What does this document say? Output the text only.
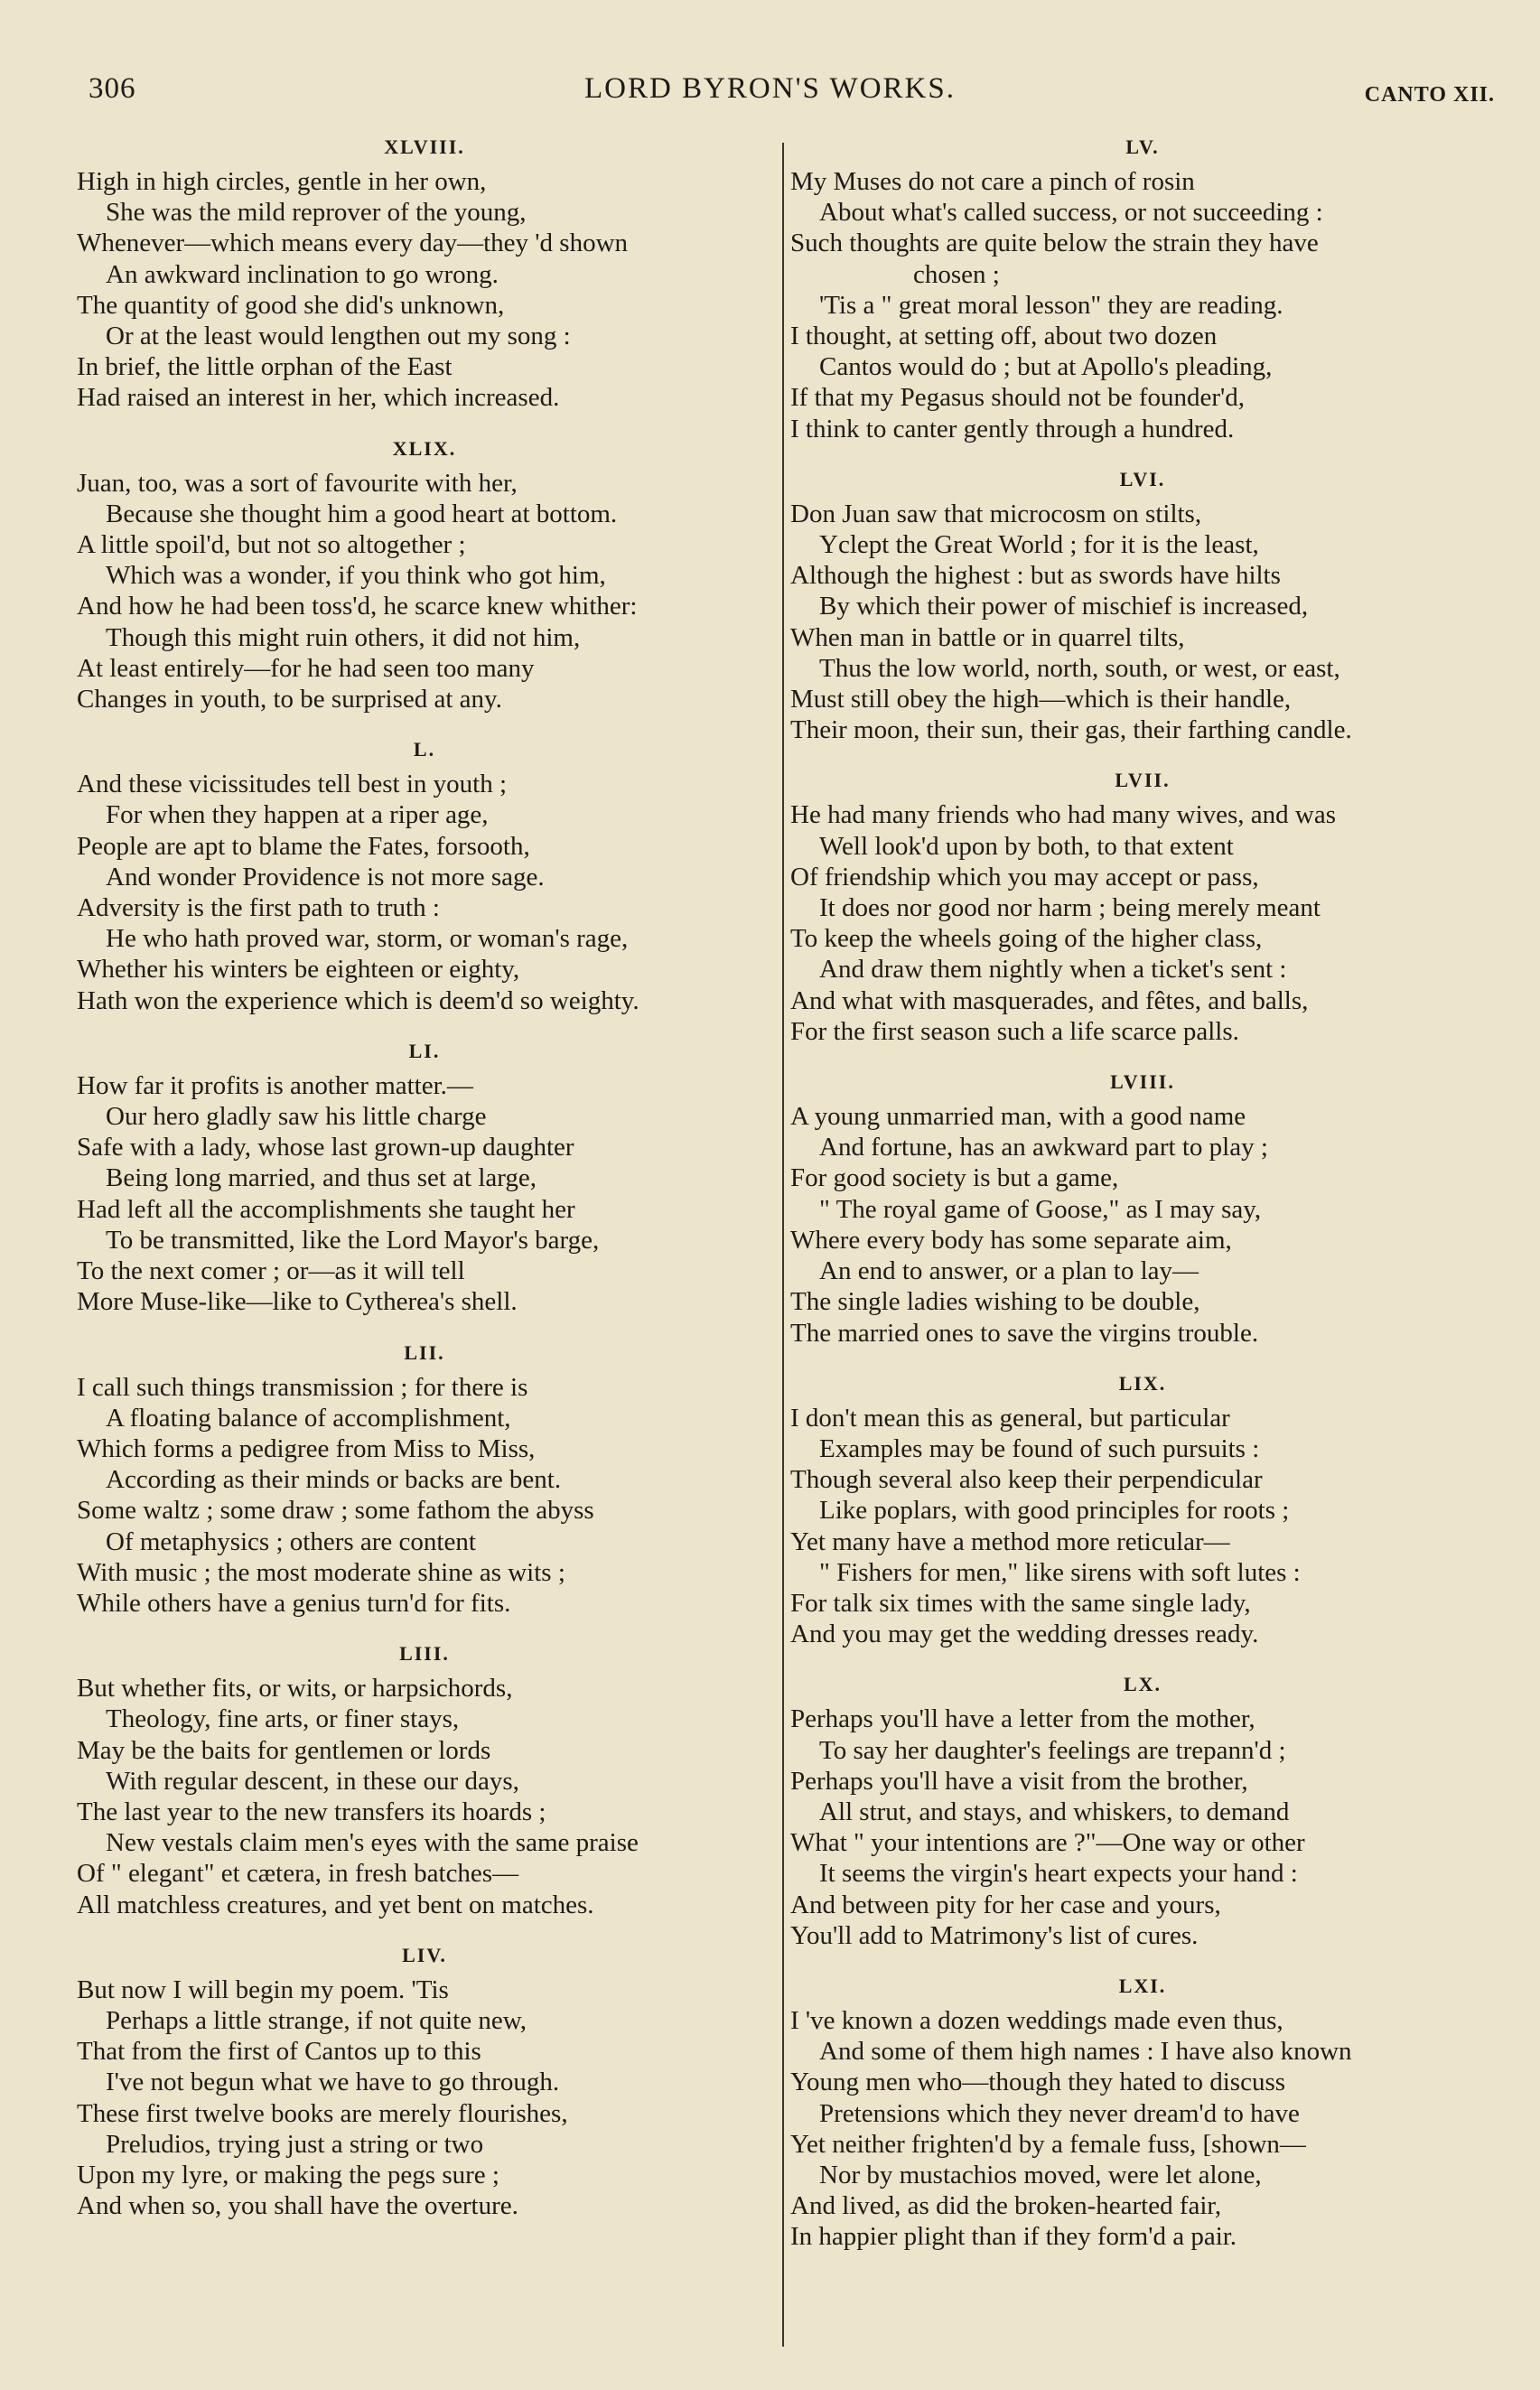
306	LORD BYRON'S WORKS.	CANTO XII.
XLVIII.
High in high circles, gentle in her own,
She was the mild reprover of the young,
Whenever—which means every day—they 'd shown
An awkward inclination to go wrong.
The quantity of good she did's unknown,
Or at the least would lengthen out my song :
In brief, the little orphan of the East
Had raised an interest in her, which increased.
XLIX.
Juan, too, was a sort of favourite with her,
Because she thought him a good heart at bottom.
A little spoil'd, but not so altogether ;
Which was a wonder, if you think who got him,
And how he had been toss'd, he scarce knew whither:
Though this might ruin others, it did not him,
At least entirely—for he had seen too many
Changes in youth, to be surprised at any.
L.
And these vicissitudes tell best in youth ;
For when they happen at a riper age,
People are apt to blame the Fates, forsooth,
And wonder Providence is not more sage.
Adversity is the first path to truth :
He who hath proved war, storm, or woman's rage,
Whether his winters be eighteen or eighty,
Hath won the experience which is deem'd so weighty.
LI.
How far it profits is another matter.—
Our hero gladly saw his little charge
Safe with a lady, whose last grown-up daughter
Being long married, and thus set at large,
Had left all the accomplishments she taught her
To be transmitted, like the Lord Mayor's barge,
To the next comer ; or—as it will tell
More Muse-like—like to Cytherea's shell.
LII.
I call such things transmission ; for there is
A floating balance of accomplishment,
Which forms a pedigree from Miss to Miss,
According as their minds or backs are bent.
Some waltz ; some draw ; some fathom the abyss
Of metaphysics ; others are content
With music ; the most moderate shine as wits ;
While others have a genius turn'd for fits.
LIII.
But whether fits, or wits, or harpsichords,
Theology, fine arts, or finer stays,
May be the baits for gentlemen or lords
With regular descent, in these our days,
The last year to the new transfers its hoards ;
New vestals claim men's eyes with the same praise
Of " elegant" et cætera, in fresh batches—
All matchless creatures, and yet bent on matches.
LIV.
But now I will begin my poem. 'Tis
Perhaps a little strange, if not quite new,
That from the first of Cantos up to this
I've not begun what we have to go through.
These first twelve books are merely flourishes,
Preludios, trying just a string or two
Upon my lyre, or making the pegs sure ;
And when so, you shall have the overture.
LV.
My Muses do not care a pinch of rosin
About what's called success, or not succeeding :
Such thoughts are quite below the strain they have
chosen ;
'Tis a " great moral lesson" they are reading.
I thought, at setting off, about two dozen
Cantos would do ; but at Apollo's pleading,
If that my Pegasus should not be founder'd,
I think to canter gently through a hundred.
LVI.
Don Juan saw that microcosm on stilts,
Yclept the Great World ; for it is the least,
Although the highest : but as swords have hilts
By which their power of mischief is increased,
When man in battle or in quarrel tilts,
Thus the low world, north, south, or west, or east,
Must still obey the high—which is their handle,
Their moon, their sun, their gas, their farthing candle.
LVII.
He had many friends who had many wives, and was
Well look'd upon by both, to that extent
Of friendship which you may accept or pass,
It does nor good nor harm ; being merely meant
To keep the wheels going of the higher class,
And draw them nightly when a ticket's sent :
And what with masquerades, and fêtes, and balls,
For the first season such a life scarce palls.
LVIII.
A young unmarried man, with a good name
And fortune, has an awkward part to play ;
For good society is but a game,
" The royal game of Goose," as I may say,
Where every body has some separate aim,
An end to answer, or a plan to lay—
The single ladies wishing to be double,
The married ones to save the virgins trouble.
LIX.
I don't mean this as general, but particular
Examples may be found of such pursuits :
Though several also keep their perpendicular
Like poplars, with good principles for roots ;
Yet many have a method more reticular—
" Fishers for men," like sirens with soft lutes :
For talk six times with the same single lady,
And you may get the wedding dresses ready.
LX.
Perhaps you'll have a letter from the mother,
To say her daughter's feelings are trepann'd ;
Perhaps you'll have a visit from the brother,
All strut, and stays, and whiskers, to demand
What " your intentions are ?"—One way or other
It seems the virgin's heart expects your hand :
And between pity for her case and yours,
You'll add to Matrimony's list of cures.
LXI.
I 've known a dozen weddings made even thus,
And some of them high names : I have also known
Young men who—though they hated to discuss
Pretensions which they never dream'd to have
Yet neither frighten'd by a female fuss, [shown—
Nor by mustachios moved, were let alone,
And lived, as did the broken-hearted fair,
In happier plight than if they form'd a pair.
